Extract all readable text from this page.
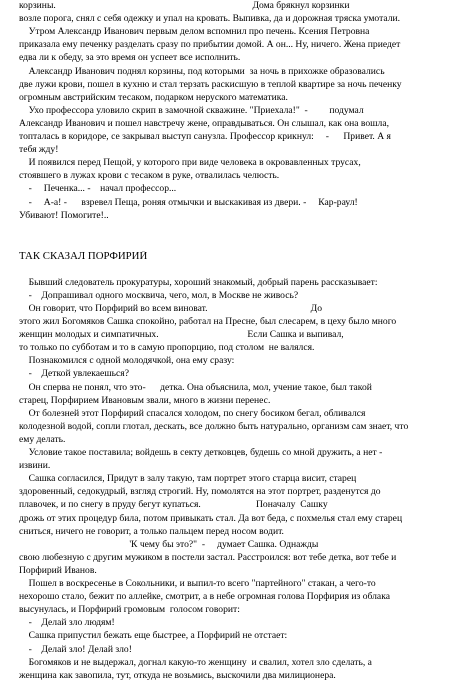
корзины.                                                                                  Дома брякнул корзинки
возле порога, снял с себя одежку и упал на кровать. Выпивка, да и дорожная тряска умотали.
Утром Александр Иванович первым делом вспомнил про печень. Ксения Петровна
приказала ему печенку разделать сразу по прибытии домой. А он... Ну, ничего. Жена приедет
едва ли к обеду, за это время он успеет все исполнить.
Александр Иванович поднял корзины, под которыми  за ночь в прихожке образовались
две лужи крови, пошел в кухню и стал терзать раскисшую в теплой квартире за ночь печенку
огромным австрийским тесаком, подарком неруского математика.
Ухо профессора уловило скрип в замочной скважине. "Приехала!"  -         подумал
Александр Иванович и пошел навстречу жене, оправдываться. Он слышал, как она вошла,
топталась в коридоре, се закрывал выступ санузла. Профессор крикнул:     -      Привет. А я
тебя жду!
И появился перед Пещой, у которого при виде человека в окровавленных трусах,
стоявшего в лужах крови с тесаком в руке, отвалилась челюсть.
-     Печенка... -    начал профессор...
-     А-а! -      взревел Пеща, роняя отмычки и выскакивая из двери. -     Кар-раул!
Убивают! Помогите!..
ТАК СКАЗАЛ ПОРФИРИЙ
Бывший следователь прокуратуры, хороший знакомый, добрый парень рассказывает:
-    Допрашивал одного москвича, чего, мол, в Москве не живось?
Он говорит, что Порфирий во всем виноват.                                           До
этого жил Богомяков Сашка спокойно, работал на Пресне, был слесарем, в цеху было много
женщин молодых и симпатичных.                                     Если Сашка и выпивал,
то только по субботам и то в самую пропорцию, под столом  не валялся.
Познакомился с одной молодячкой, она ему сразу:
-    Деткой увлекаешься?
Он сперва не понял, что это-      детка. Она объяснила, мол, учение такое, был такой
старец, Порфирием Ивановым звали, много в жизни перенес.
От болезней этот Порфирий спасался холодом, по снегу босиком бегал, обливался
колодезной водой, сопли глотал, дескать, все должно быть натурально, организм сам знает, что
ему делать.
Условие такое поставила; войдешь в секту детковцев, будешь со мной дружить, а нет -
извини.
Сашка согласился, Придут в залу такую, там портрет этого старца висит, старец
здоровенный, седокудрый, взгляд строгий. Ну, помолятся на этот портрет, разденутся до
плавочек, и по снегу в пруду бегут купаться.                       Поначалу  Сашку
дрожь от этих процедур била, потом привыкать стал. Да вот беда, с похмелья стал ему старец
сниться, ничего не говорит, а только пальцем перед носом водит.
'К чему бы это?"  -     думает Сашка. Однажды
свою любезную с другим мужиком в постели застал. Расстроился: вот тебе детка, вот тебе и
Порфирий Иванов.
Пошел в воскресенье в Сокольники, и выпил-то всего "партейного" стакан, а чего-то
нехорошо стало, бежит по аллейке, смотрит, а в небе огромная голова Порфирия из облака
высунулась, и Порфирий громовым  голосом говорит:
-    Делай зло людям!
Сашка припустил бежать еще быстрее, а Порфирий не отстает:
-    Делай зло! Делай зло!
Богомяков и не выдержал, догнал какую-то женщину  и свалил, хотел зло сделать, а
женщина как завопила, тут, откуда не возьмись, выскочили два милиционера.
